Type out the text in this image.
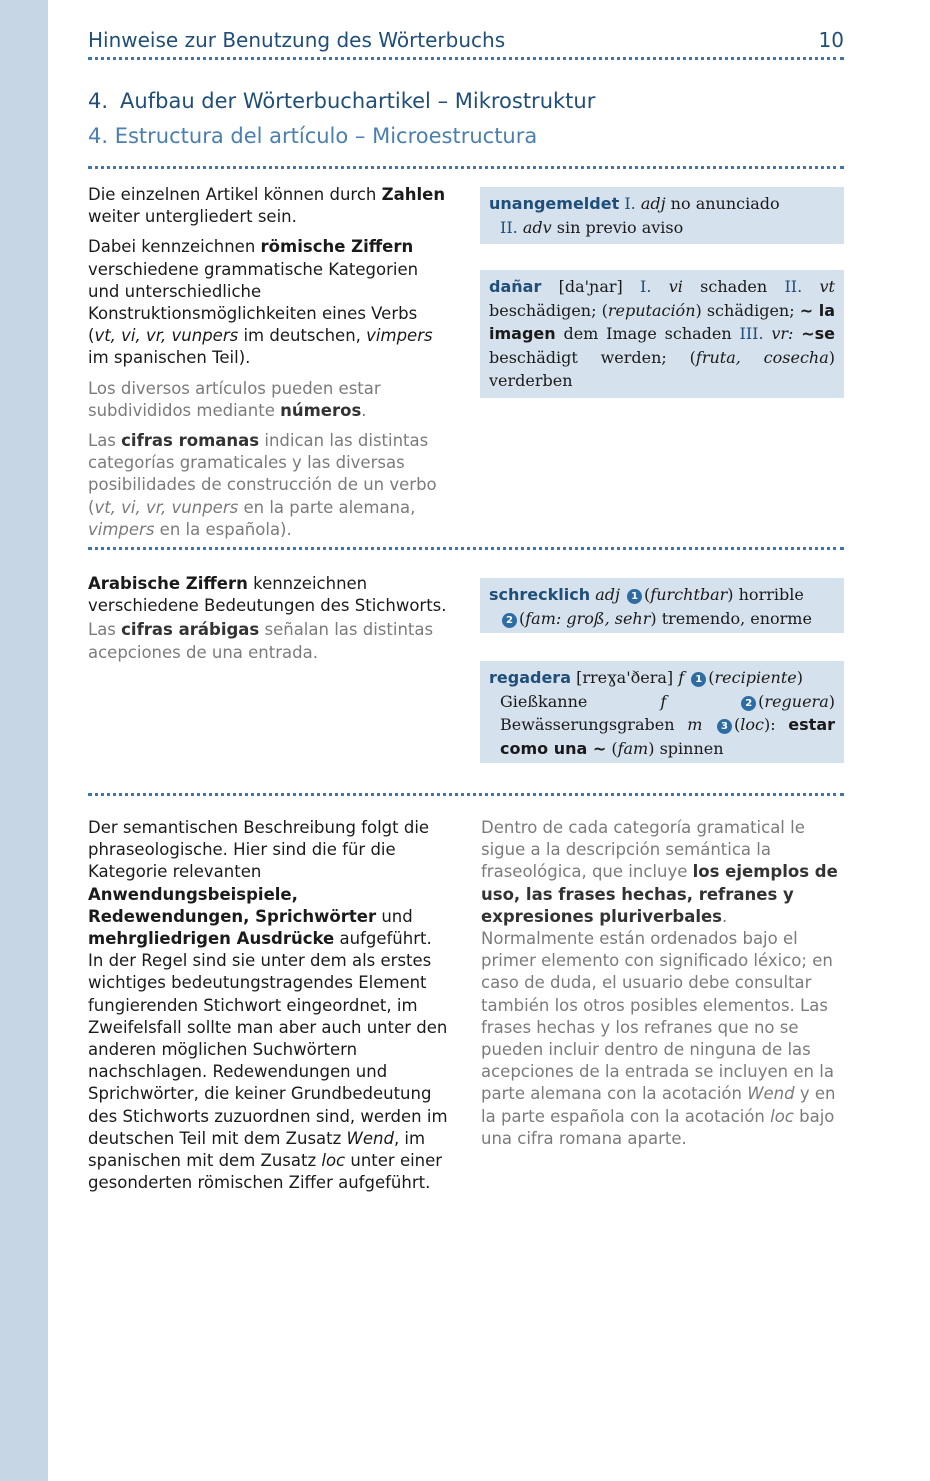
Hinweise zur Benutzung des Wörterbuchs	10
4. Aufbau der Wörterbuchartikel – Mikrostruktur
4. Estructura del artículo – Microestructura

Die einzelnen Artikel können durch Zahlen weiter untergliedert sein.

Dabei kennzeichnen römische Ziffern verschiedene grammatische Kategorien und unterschiedliche Konstruktionsmöglichkeiten eines Verbs (vt, vi, vr, vunpers im deutschen, vimpers im spanischen Teil).

Los diversos artículos pueden estar subdivididos mediante números.

Las cifras romanas indican las distintas categorías gramaticales y las diversas posibilidades de construcción de un verbo (vt, vi, vr, vunpers en la parte alemana, vimpers en la española).

unangemeldet I. adj no anunciado
II. adv sin previo aviso
dañar [da'ɲar] I. vi schaden II. vt beschädigen; (reputación) schädigen; ~ la imagen dem Image schaden III. vr: ~se beschädigt werden; (fruta, cosecha) verderben

Arabische Ziffern kennzeichnen verschiedene Bedeutungen des Stichworts.

Las cifras arábigas señalan las distintas acepciones de una entrada.

schrecklich adj 1 (furchtbar) horrible
2 (fam: groß, sehr) tremendo, enorme
regadera [rreɣa'ðera] f 1 (recipiente)
Gießkanne	f	2 (reguera) Bewässerungsgraben m 3 (loc): estar como una ~ (fam) spinnen

Der semantischen Beschreibung folgt die phraseologische. Hier sind die für die Kategorie relevanten Anwendungsbeispiele, Redewendungen, Sprichwörter und mehrgliedrigen Ausdrücke aufgeführt. In der Regel sind sie unter dem als erstes wichtiges bedeutungstragendes Element fungierenden Stichwort eingeordnet, im Zweifelsfall sollte man aber auch unter den anderen möglichen Suchwörtern nachschlagen. Redewendungen und Sprichwörter, die keiner Grundbedeutung des Stichworts zuzuordnen sind, werden im deutschen Teil mit dem Zusatz Wend, im spanischen mit dem Zusatz loc unter einer gesonderten römischen Ziffer aufgeführt.

Dentro de cada categoría gramatical le sigue a la descripción semántica la fraseológica, que incluye los ejemplos de uso, las frases hechas, refranes y expresiones pluriverbales. Normalmente están ordenados bajo el primer elemento con significado léxico; en caso de duda, el usuario debe consultar también los otros posibles elementos. Las frases hechas y los refranes que no se pueden incluir dentro de ninguna de las acepciones de la entrada se incluyen en la parte alemana con la acotación Wend y en la parte española con la acotación loc bajo una cifra romana aparte.
